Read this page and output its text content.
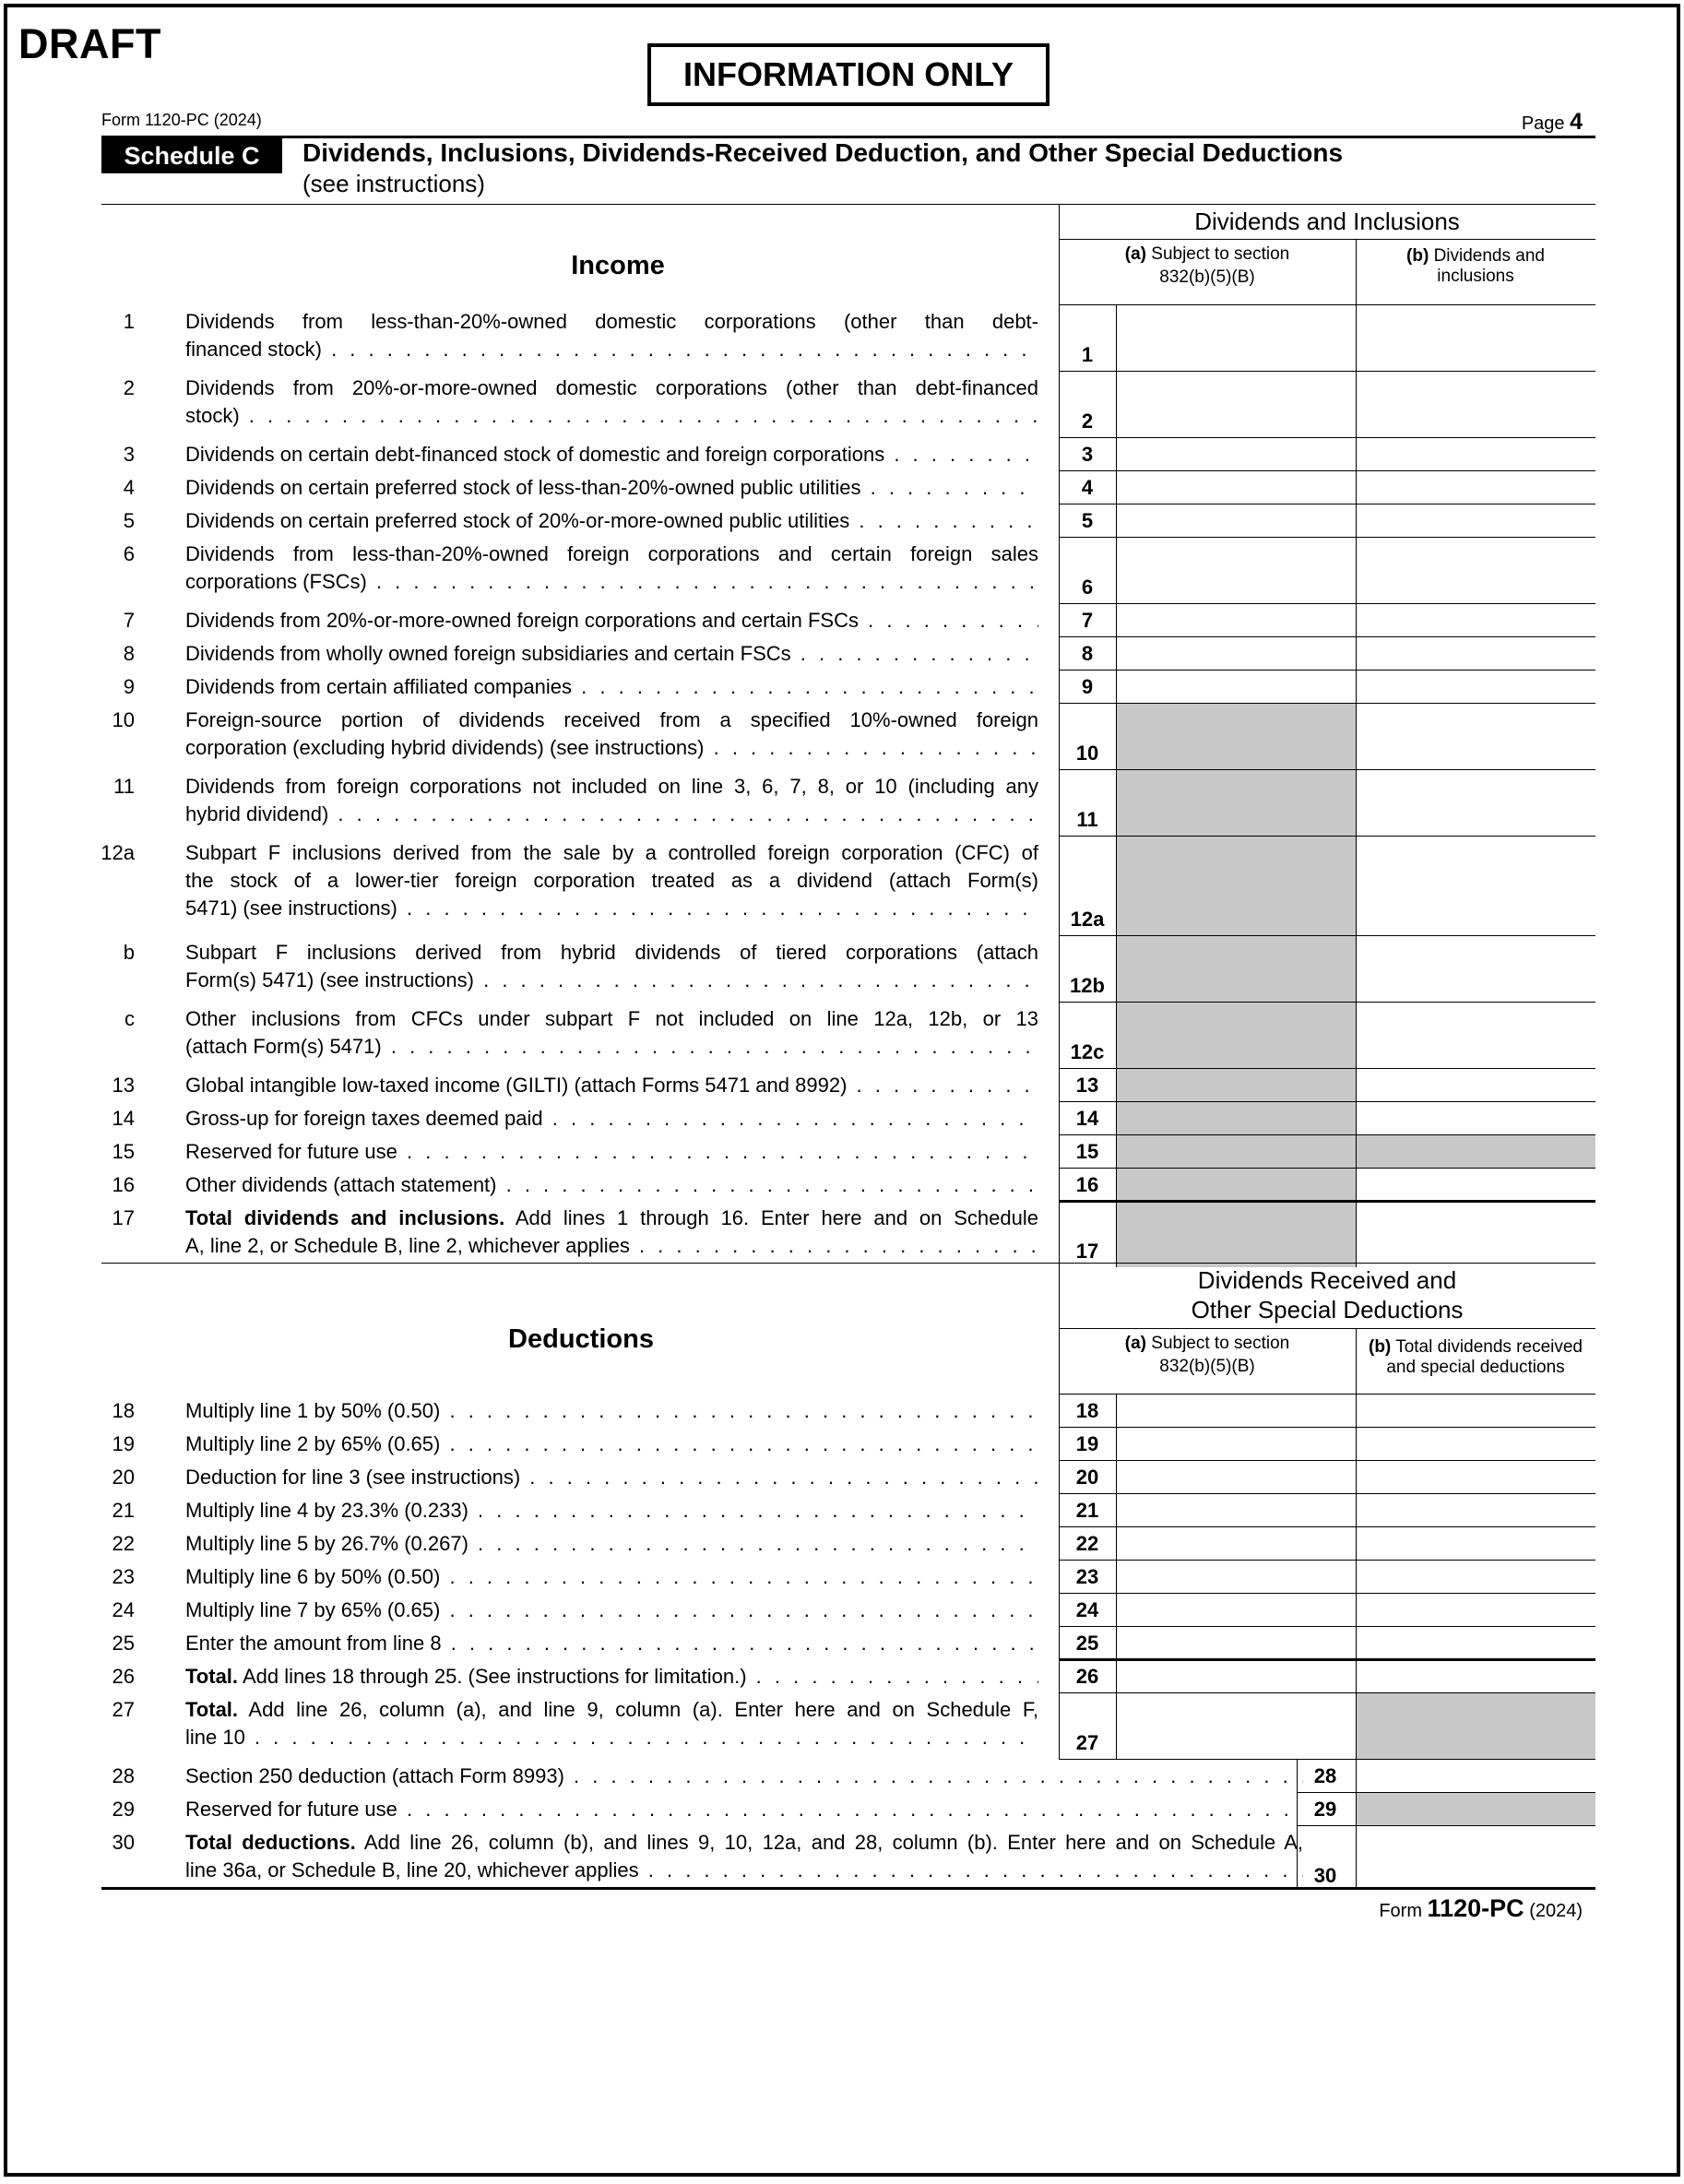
DRAFT
INFORMATION ONLY
Form 1120-PC (2024)	Page 4
Schedule C	Dividends, Inclusions, Dividends-Received Deduction, and Other Special Deductions
(see instructions)
Income
Dividends and Inclusions
(a) Subject to section
832(b)(5)(B)
(b) Dividends and
inclusions
1	Dividends from less-than-20%-owned domestic corporations (other than debt-
financed stock) . . .	1
2	Dividends from 20%-or-more-owned domestic corporations (other than debt-financed
stock) . . .	2
3	Dividends on certain debt-financed stock of domestic and foreign corporations . . .	3
4	Dividends on certain preferred stock of less-than-20%-owned public utilities . . .	4
5	Dividends on certain preferred stock of 20%-or-more-owned public utilities . . .	5
6	Dividends from less-than-20%-owned foreign corporations and certain foreign sales
corporations (FSCs) . . .	6
7	Dividends from 20%-or-more-owned foreign corporations and certain FSCs . . .	7
8	Dividends from wholly owned foreign subsidiaries and certain FSCs . . .	8
9	Dividends from certain affiliated companies . . .	9
10	Foreign-source portion of dividends received from a specified 10%-owned foreign
corporation (excluding hybrid dividends) (see instructions) . . .	10
11	Dividends from foreign corporations not included on line 3, 6, 7, 8, or 10 (including any
hybrid dividend) . . .	11
12a	Subpart F inclusions derived from the sale by a controlled foreign corporation (CFC) of
the stock of a lower-tier foreign corporation treated as a dividend (attach Form(s)
5471) (see instructions) . . .	12a
b	Subpart F inclusions derived from hybrid dividends of tiered corporations (attach
Form(s) 5471) (see instructions) . . .	12b
c	Other inclusions from CFCs under subpart F not included on line 12a, 12b, or 13
(attach Form(s) 5471) . . .	12c
13	Global intangible low-taxed income (GILTI) (attach Forms 5471 and 8992) . . .	13
14	Gross-up for foreign taxes deemed paid . . .	14
15	Reserved for future use . . .	15
16	Other dividends (attach statement) . . .	16
17	Total dividends and inclusions. Add lines 1 through 16. Enter here and on Schedule
A, line 2, or Schedule B, line 2, whichever applies . . .	17
Deductions
Dividends Received and
Other Special Deductions
(a) Subject to section
832(b)(5)(B)
(b) Total dividends received
and special deductions
18	Multiply line 1 by 50% (0.50) . . .	18
19	Multiply line 2 by 65% (0.65) . . .	19
20	Deduction for line 3 (see instructions) . . .	20
21	Multiply line 4 by 23.3% (0.233) . . .	21
22	Multiply line 5 by 26.7% (0.267) . . .	22
23	Multiply line 6 by 50% (0.50) . . .	23
24	Multiply line 7 by 65% (0.65) . . .	24
25	Enter the amount from line 8 . . .	25
26	Total. Add lines 18 through 25. (See instructions for limitation.) . . .	26
27	Total. Add line 26, column (a), and line 9, column (a). Enter here and on Schedule F,
line 10 . . .	27
28	Section 250 deduction (attach Form 8993) . . .	28
29	Reserved for future use . . .	29
30	Total deductions. Add line 26, column (b), and lines 9, 10, 12a, and 28, column (b). Enter here and on Schedule A,
line 36a, or Schedule B, line 20, whichever applies . . .	30
Form 1120-PC (2024)
